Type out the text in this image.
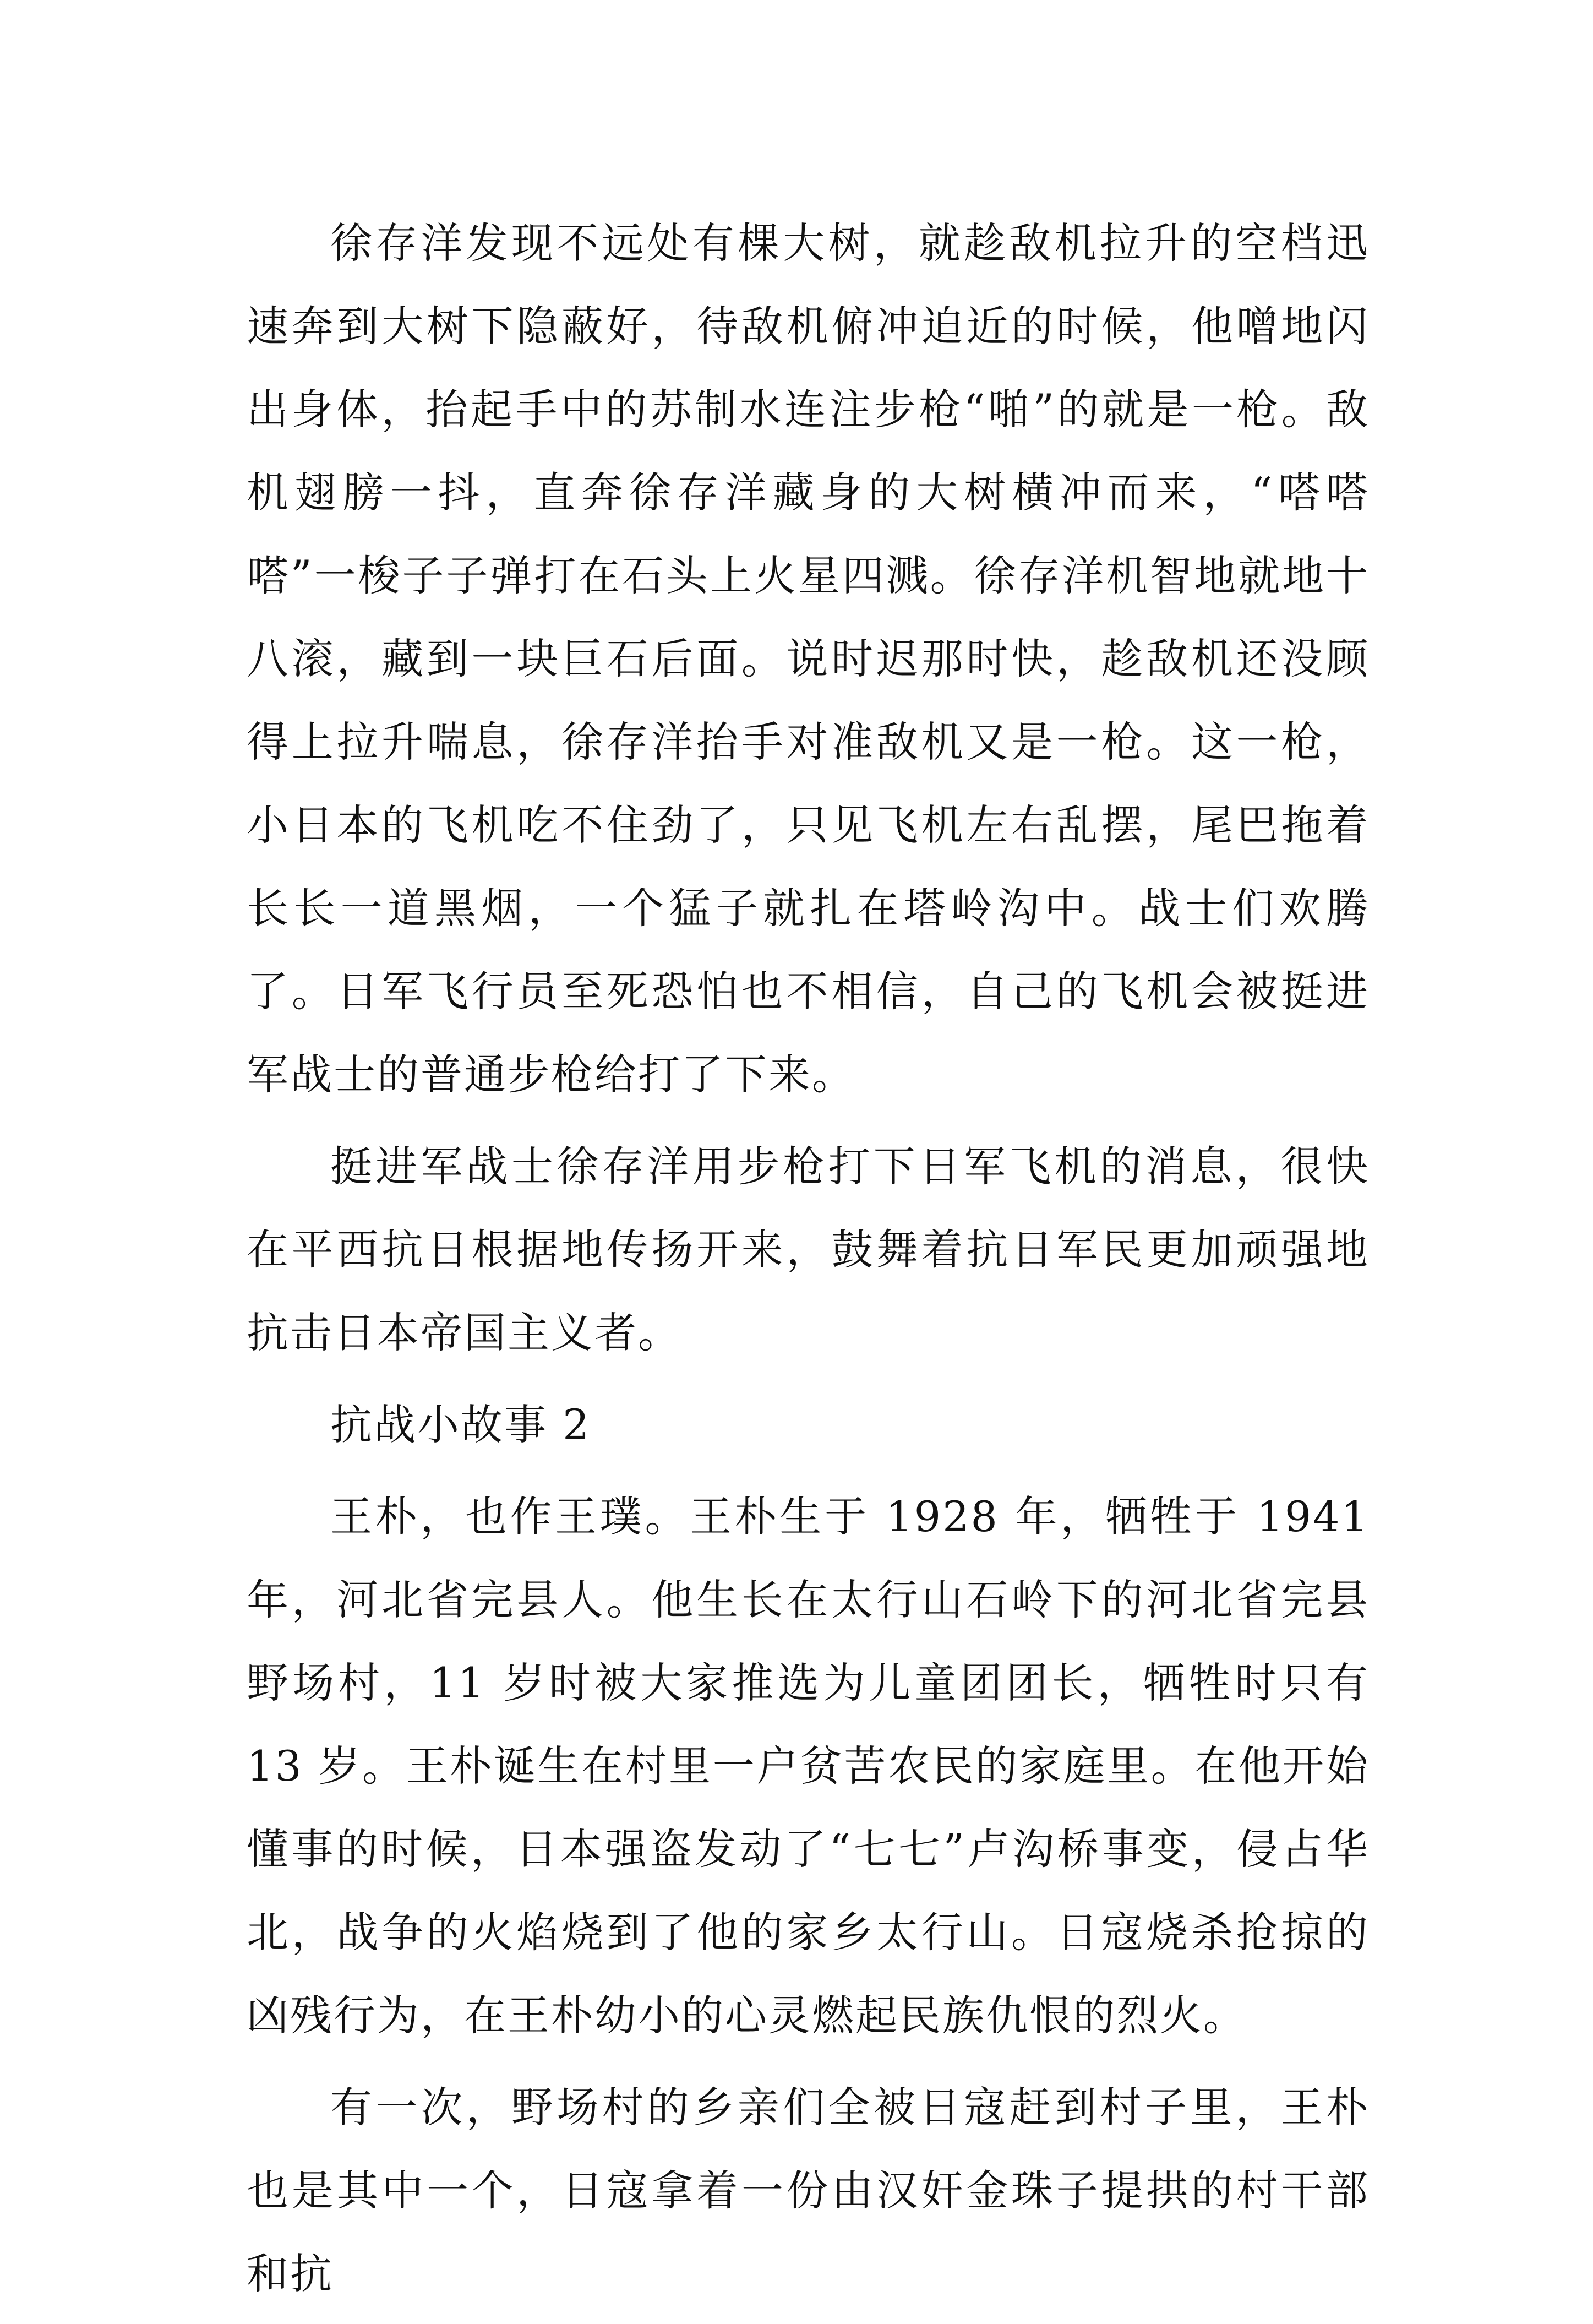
徐存洋发现不远处有棵大树，就趁敌机拉升的空档迅速奔到大树下隐蔽好，待敌机俯冲迫近的时候，他噌地闪出身体，抬起手中的苏制水连注步枪“啪”的就是一枪。敌机翅膀一抖，直奔徐存洋藏身的大树横冲而来，“嗒嗒嗒”一梭子子弹打在石头上火星四溅。徐存洋机智地就地十八滚，藏到一块巨石后面。说时迟那时快，趁敌机还没顾得上拉升喘息，徐存洋抬手对准敌机又是一枪。这一枪，小日本的飞机吃不住劲了，只见飞机左右乱摆，尾巴拖着长长一道黑烟，一个猛子就扎在塔岭沟中。战士们欢腾了。日军飞行员至死恐怕也不相信，自己的飞机会被挺进军战士的普通步枪给打了下来。

挺进军战士徐存洋用步枪打下日军飞机的消息，很快在平西抗日根据地传扬开来，鼓舞着抗日军民更加顽强地抗击日本帝国主义者。

抗战小故事 2

王朴，也作王璞。王朴生于 1928 年，牺牲于 1941 年，河北省完县人。他生长在太行山石岭下的河北省完县野场村，11 岁时被大家推选为儿童团团长，牺牲时只有 13 岁。王朴诞生在村里一户贫苦农民的家庭里。在他开始懂事的时候，日本强盗发动了“七七”卢沟桥事变，侵占华北，战争的火焰烧到了他的家乡太行山。日寇烧杀抢掠的凶残行为，在王朴幼小的心灵燃起民族仇恨的烈火。

有一次，野场村的乡亲们全被日寇赶到村子里，王朴也是其中一个，日寇拿着一份由汉奸金珠子提拱的村干部和抗
